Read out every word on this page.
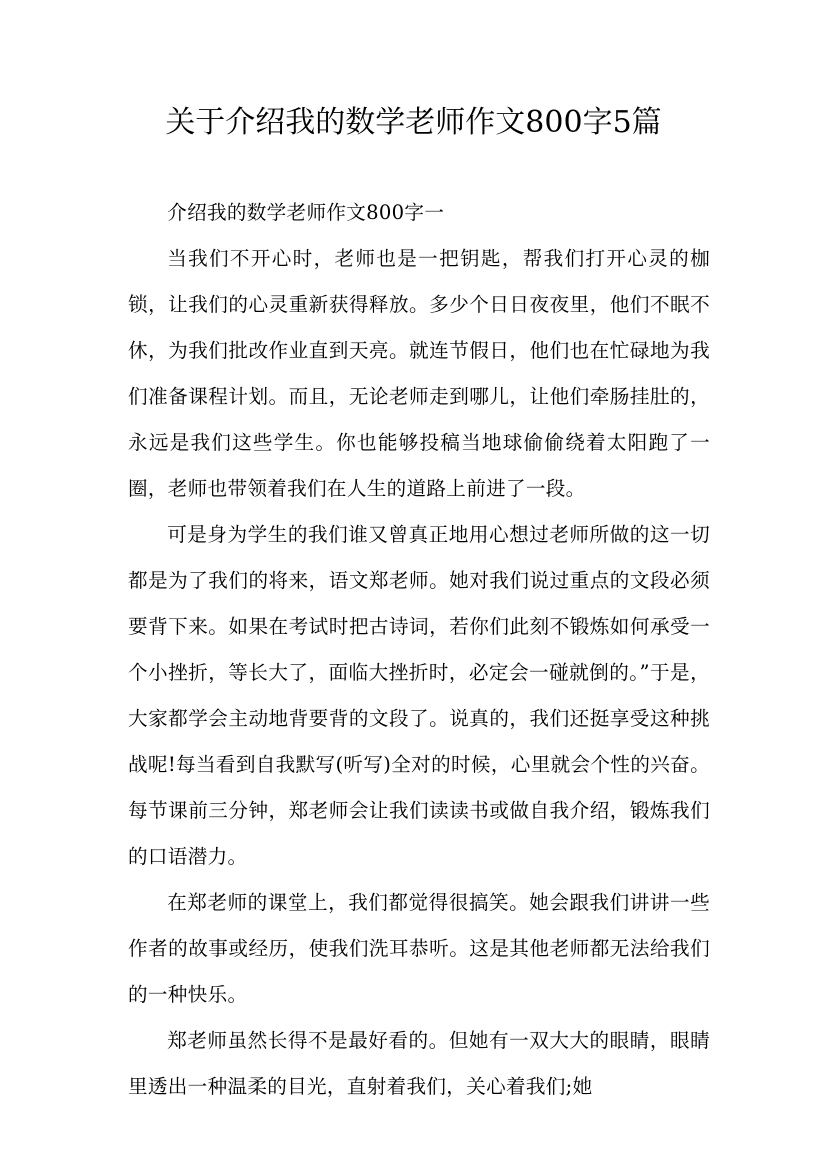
关于介绍我的数学老师作文800字5篇

介绍我的数学老师作文800字一

当我们不开心时，老师也是一把钥匙，帮我们打开心灵的枷锁，让我们的心灵重新获得释放。多少个日日夜夜里，他们不眠不休，为我们批改作业直到天亮。就连节假日，他们也在忙碌地为我们准备课程计划。而且，无论老师走到哪儿，让他们牵肠挂肚的，永远是我们这些学生。你也能够投稿当地球偷偷绕着太阳跑了一圈，老师也带领着我们在人生的道路上前进了一段。

可是身为学生的我们谁又曾真正地用心想过老师所做的这一切都是为了我们的将来，语文郑老师。她对我们说过重点的文段必须要背下来。如果在考试时把古诗词，若你们此刻不锻炼如何承受一个小挫折，等长大了，面临大挫折时，必定会一碰就倒的。”于是，大家都学会主动地背要背的文段了。说真的，我们还挺享受这种挑战呢!每当看到自我默写(听写)全对的时候，心里就会个性的兴奋。每节课前三分钟，郑老师会让我们读读书或做自我介绍，锻炼我们的口语潜力。

在郑老师的课堂上，我们都觉得很搞笑。她会跟我们讲讲一些作者的故事或经历，使我们洗耳恭听。这是其他老师都无法给我们的一种快乐。

郑老师虽然长得不是最好看的。但她有一双大大的眼睛，眼睛里透出一种温柔的目光，直射着我们，关心着我们;她
